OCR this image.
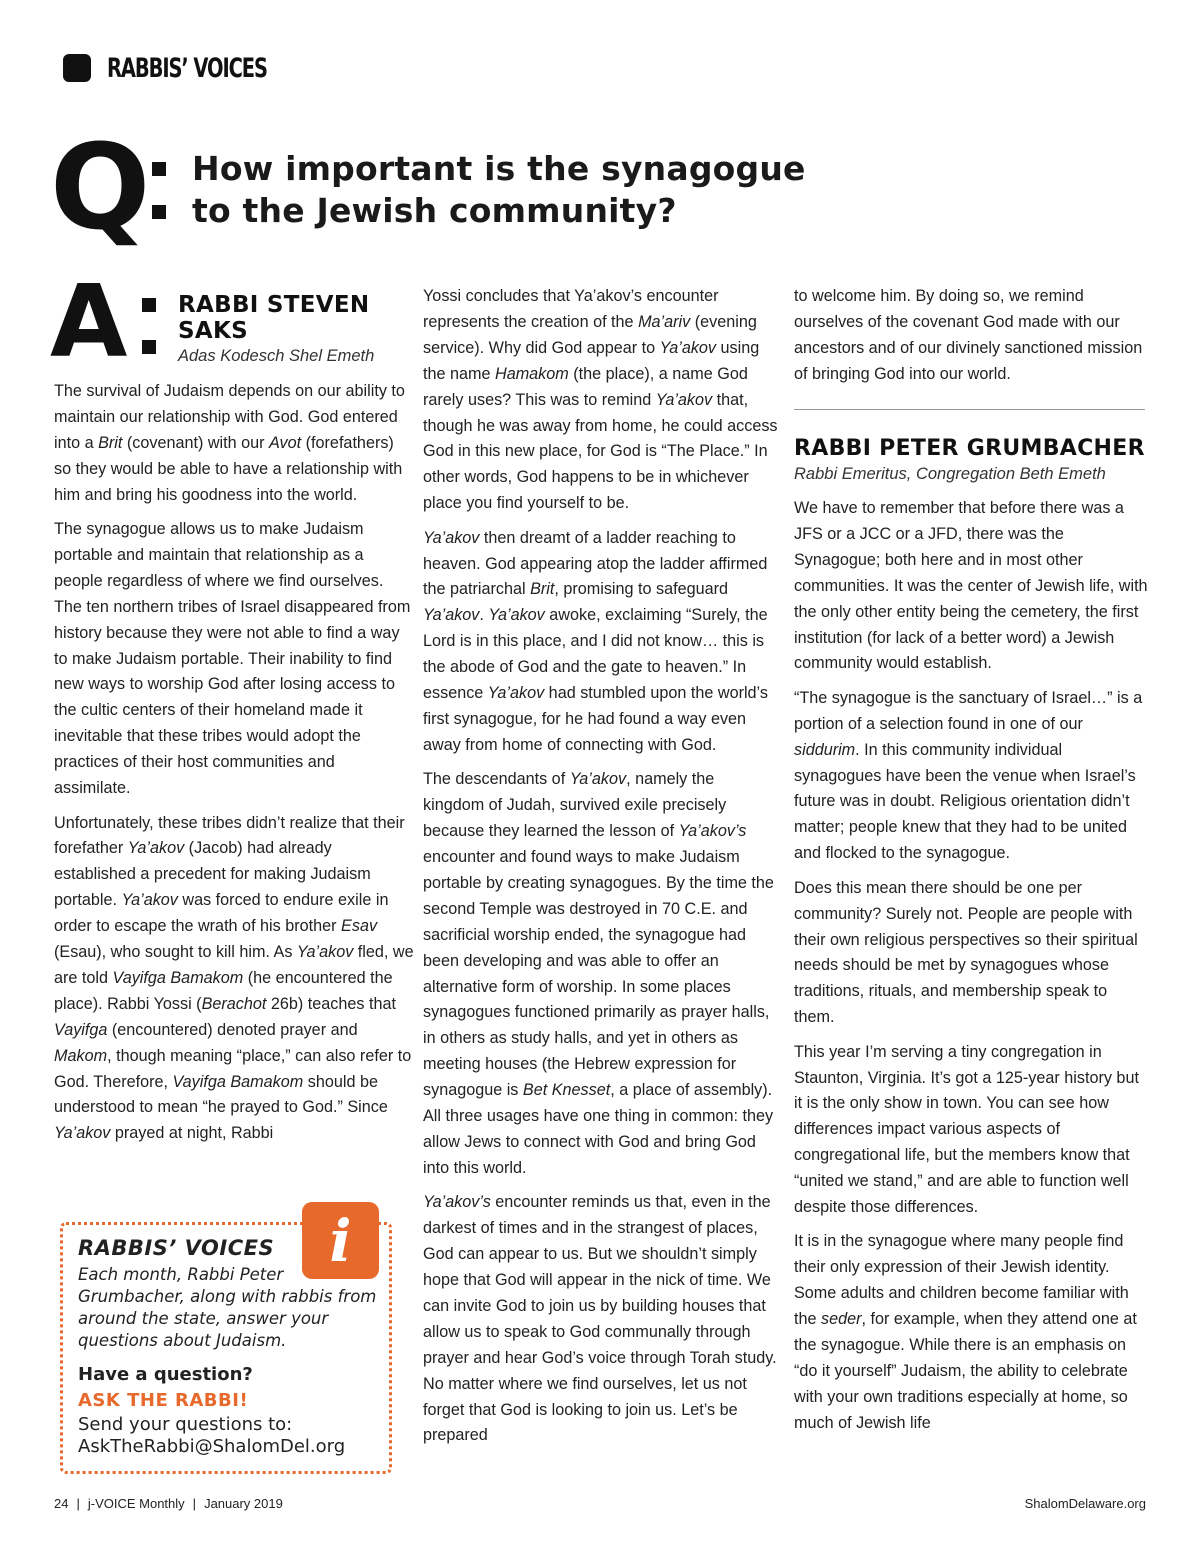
RABBIS’ VOICES
Q How important is the synagogue
to the Jewish community?
A RABBI STEVEN
SAKS
Adas Kodesch Shel Emeth

The survival of Judaism depends on our ability to maintain our relationship with God. God entered into a Brit (covenant) with our Avot (forefathers) so they would be able to have a relationship with him and bring his goodness into the world.

The synagogue allows us to make Judaism portable and maintain that relationship as a people regardless of where we find ourselves. The ten northern tribes of Israel disappeared from history because they were not able to find a way to make Judaism portable. Their inability to find new ways to worship God after losing access to the cultic centers of their homeland made it inevitable that these tribes would adopt the practices of their host communities and assimilate.

Unfortunately, these tribes didn’t realize that their forefather Ya’akov (Jacob) had already established a precedent for making Judaism portable. Ya’akov was forced to endure exile in order to escape the wrath of his brother Esav (Esau), who sought to kill him. As Ya’akov fled, we are told Vayifga Bamakom (he encountered the place). Rabbi Yossi (Berachot 26b) teaches that Vayifga (encountered) denoted prayer and Makom, though meaning “place,” can also refer to God. Therefore, Vayifga Bamakom should be understood to mean “he prayed to God.” Since Ya’akov prayed at night, Rabbi

Yossi concludes that Ya’akov’s encounter represents the creation of the Ma’ariv (evening service). Why did God appear to Ya’akov using the name Hamakom (the place), a name God rarely uses? This was to remind Ya’akov that, though he was away from home, he could access God in this new place, for God is “The Place.” In other words, God happens to be in whichever place you find yourself to be.

Ya’akov then dreamt of a ladder reaching to heaven. God appearing atop the ladder affirmed the patriarchal Brit, promising to safeguard Ya’akov. Ya’akov awoke, exclaiming “Surely, the Lord is in this place, and I did not know… this is the abode of God and the gate to heaven.” In essence Ya’akov had stumbled upon the world’s first synagogue, for he had found a way even away from home of connecting with God.

The descendants of Ya’akov, namely the kingdom of Judah, survived exile precisely because they learned the lesson of Ya’akov’s encounter and found ways to make Judaism portable by creating synagogues. By the time the second Temple was destroyed in 70 C.E. and sacrificial worship ended, the synagogue had been developing and was able to offer an alternative form of worship. In some places synagogues functioned primarily as prayer halls, in others as study halls, and yet in others as meeting houses (the Hebrew expression for synagogue is Bet Knesset, a place of assembly). All three usages have one thing in common: they allow Jews to connect with God and bring God into this world.

Ya’akov’s encounter reminds us that, even in the darkest of times and in the strangest of places, God can appear to us. But we shouldn’t simply hope that God will appear in the nick of time. We can invite God to join us by building houses that allow us to speak to God communally through prayer and hear God’s voice through Torah study. No matter where we find ourselves, let us not forget that God is looking to join us. Let’s be prepared

to welcome him. By doing so, we remind ourselves of the covenant God made with our ancestors and of our divinely sanctioned mission of bringing God into our world.

RABBI PETER GRUMBACHER
Rabbi Emeritus, Congregation Beth Emeth

We have to remember that before there was a JFS or a JCC or a JFD, there was the Synagogue; both here and in most other communities. It was the center of Jewish life, with the only other entity being the cemetery, the first institution (for lack of a better word) a Jewish community would establish.

“The synagogue is the sanctuary of Israel…” is a portion of a selection found in one of our siddurim. In this community individual synagogues have been the venue when Israel’s future was in doubt. Religious orientation didn’t matter; people knew that they had to be united and flocked to the synagogue.

Does this mean there should be one per community? Surely not. People are people with their own religious perspectives so their spiritual needs should be met by synagogues whose traditions, rituals, and membership speak to them.

This year I’m serving a tiny congregation in Staunton, Virginia. It’s got a 125-year history but it is the only show in town. You can see how differences impact various aspects of congregational life, but the members know that “united we stand,” and are able to function well despite those differences.

It is in the synagogue where many people find their only expression of their Jewish identity. Some adults and children become familiar with the seder, for example, when they attend one at the synagogue. While there is an emphasis on “do it yourself” Judaism, the ability to celebrate with your own traditions especially at home, so much of Jewish life

i
RABBIS’ VOICES
Each month, Rabbi Peter Grumbacher, along with rabbis from around the state, answer your questions about Judaism.
Have a question?
ASK THE RABBI!
Send your questions to:
AskTheRabbi@ShalomDel.org
24 | j-VOICE Monthly | January 2019	ShalomDelaware.org
